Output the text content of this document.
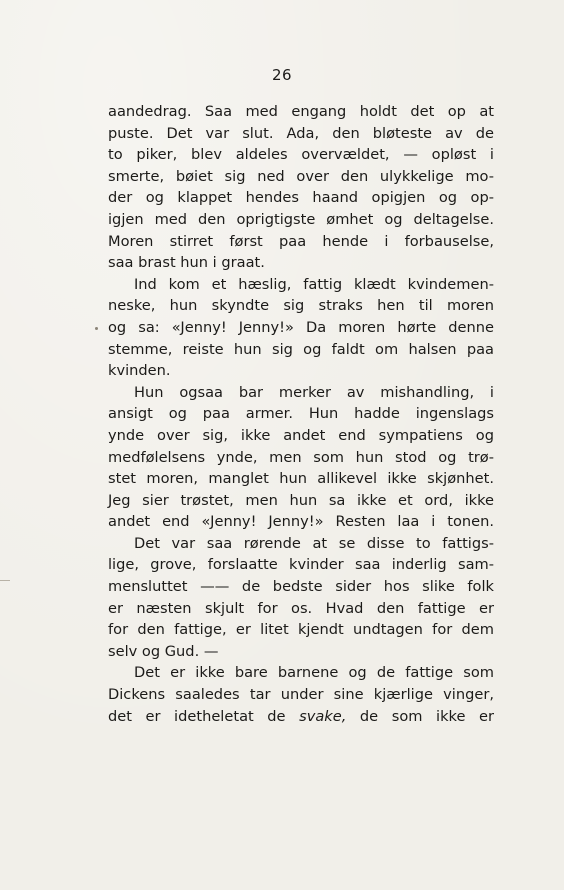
26
aandedrag. Saa med engang holdt det op at
puste. Det var slut. Ada, den bløteste av de
to piker, blev aldeles overvældet, — opløst i
smerte, bøiet sig ned over den ulykkelige mo-
der og klappet hendes haand opigjen og op-
igjen med den oprigtigste ømhet og deltagelse.
Moren stirret først paa hende i forbauselse,
saa brast hun i graat.
Ind kom et hæslig, fattig klædt kvindemen-
neske, hun skyndte sig straks hen til moren
og sa: «Jenny! Jenny!» Da moren hørte denne
stemme, reiste hun sig og faldt om halsen paa
kvinden.
Hun ogsaa bar merker av mishandling, i
ansigt og paa armer. Hun hadde ingenslags
ynde over sig, ikke andet end sympatiens og
medfølelsens ynde, men som hun stod og trø-
stet moren, manglet hun allikevel ikke skjønhet.
Jeg sier trøstet, men hun sa ikke et ord, ikke
andet end «Jenny! Jenny!» Resten laa i tonen.
Det var saa rørende at se disse to fattigs-
lige, grove, forslaatte kvinder saa inderlig sam-
mensluttet —— de bedste sider hos slike folk
er næsten skjult for os. Hvad den fattige er
for den fattige, er litet kjendt undtagen for dem
selv og Gud. —
Det er ikke bare barnene og de fattige som
Dickens saaledes tar under sine kjærlige vinger,
det er idetheletat de svake, de som ikke er
